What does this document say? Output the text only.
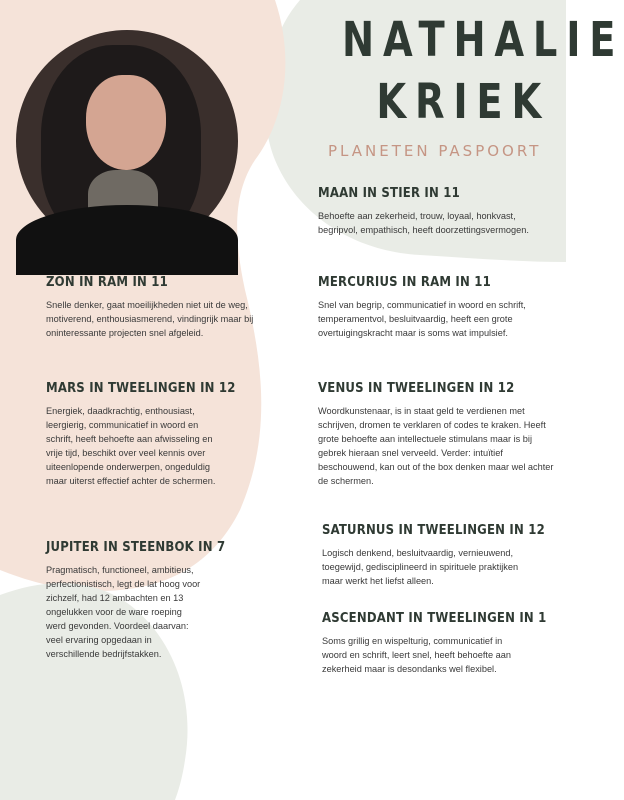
NATHALIE
KRIEK
PLANETEN PASPOORT
MAAN IN STIER IN 11

Behoefte aan zekerheid, trouw, loyaal, honkvast, begripvol, empathisch, heeft doorzettingsvermogen.

ZON IN RAM IN 11

Snelle denker, gaat moeilijkheden niet uit de weg, motiverend, enthousiasmerend, vindingrijk maar bij oninteressante projecten snel afgeleid.

MERCURIUS IN RAM IN 11

Snel van begrip, communicatief in woord en schrift, temperamentvol, besluitvaardig, heeft een grote overtuigingskracht maar is soms wat impulsief.

MARS IN TWEELINGEN IN 12

Energiek, daadkrachtig, enthousiast, leergierig, communicatief in woord en schrift, heeft behoefte aan afwisseling en vrije tijd, beschikt over veel kennis over uiteenlopende onderwerpen, ongeduldig maar uiterst effectief achter de schermen.

VENUS IN TWEELINGEN IN 12

Woordkunstenaar, is in staat geld te verdienen met schrijven, dromen te verklaren of codes te kraken. Heeft grote behoefte aan intellectuele stimulans maar is bij gebrek hieraan snel verveeld. Verder: intuïtief beschouwend, kan out of the box denken maar wel achter de schermen.

JUPITER IN STEENBOK IN 7

Pragmatisch, functioneel, ambitieus, perfectionistisch, legt de lat hoog voor zichzelf, had 12 ambachten en 13 ongelukken voor de ware roeping werd gevonden. Voordeel daarvan: veel ervaring opgedaan in verschillende bedrijfstakken.

SATURNUS IN TWEELINGEN IN 12

Logisch denkend, besluitvaardig, vernieuwend, toegewijd, gedisciplineerd in spirituele praktijken maar werkt het liefst alleen.

ASCENDANT IN TWEELINGEN IN 1

Soms grillig en wispelturig, communicatief in woord en schrift, leert snel, heeft behoefte aan zekerheid maar is desondanks wel flexibel.
